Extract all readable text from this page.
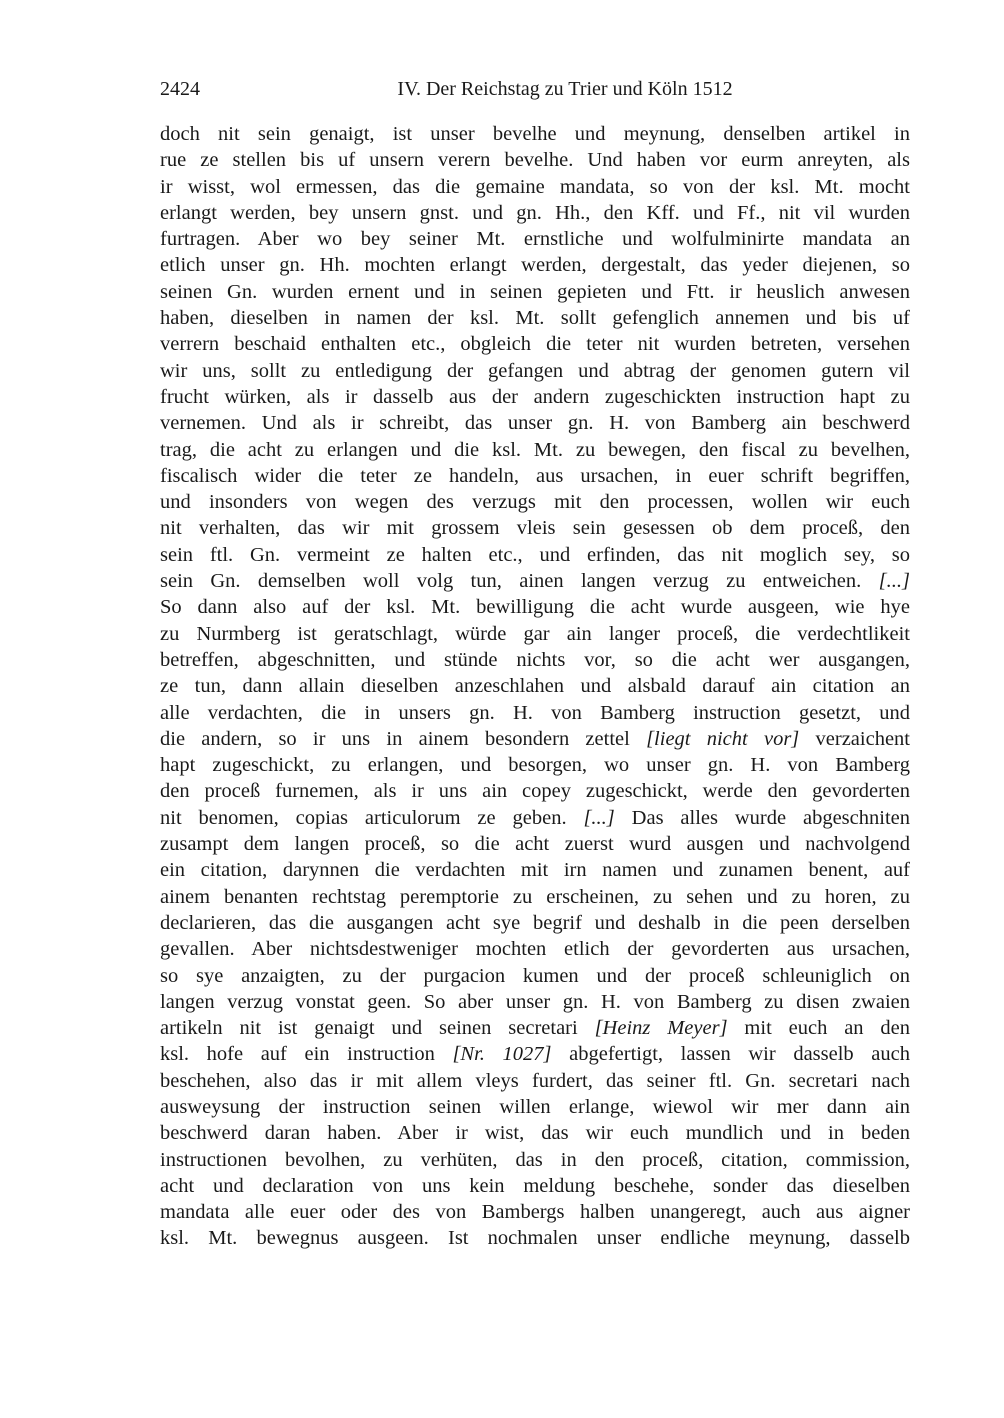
2424	IV. Der Reichstag zu Trier und Köln 1512
doch nit sein genaigt, ist unser bevelhe und meynung, denselben artikel in
rue ze stellen bis uf unsern verern bevelhe. Und haben vor eurm anreyten, als
ir wisst, wol ermessen, das die gemaine mandata, so von der ksl. Mt. mocht
erlangt werden, bey unsern gnst. und gn. Hh., den Kff. und Ff., nit vil wurden
furtragen. Aber wo bey seiner Mt. ernstliche und wolfulminirte mandata an
etlich unser gn. Hh. mochten erlangt werden, dergestalt, das yeder diejenen, so
seinen Gn. wurden ernent und in seinen gepieten und Ftt. ir heuslich anwesen
haben, dieselben in namen der ksl. Mt. sollt gefenglich annemen und bis uf
verrern beschaid enthalten etc., obgleich die teter nit wurden betreten, versehen
wir uns, sollt zu entledigung der gefangen und abtrag der genomen gutern vil
frucht würken, als ir dasselb aus der andern zugeschickten instruction hapt zu
vernemen. Und als ir schreibt, das unser gn. H. von Bamberg ain beschwerd
trag, die acht zu erlangen und die ksl. Mt. zu bewegen, den fiscal zu bevelhen,
fiscalisch wider die teter ze handeln, aus ursachen, in euer schrift begriffen,
und insonders von wegen des verzugs mit den processen, wollen wir euch
nit verhalten, das wir mit grossem vleis sein gesessen ob dem proceß, den
sein ftl. Gn. vermeint ze halten etc., und erfinden, das nit moglich sey, so
sein Gn. demselben woll volg tun, ainen langen verzug zu entweichen. [...]
So dann also auf der ksl. Mt. bewilligung die acht wurde ausgeen, wie hye
zu Nurmberg ist geratschlagt, würde gar ain langer proceß, die verdechtlikeit
betreffen, abgeschnitten, und stünde nichts vor, so die acht wer ausgangen,
ze tun, dann allain dieselben anzeschlahen und alsbald darauf ain citation an
alle verdachten, die in unsers gn. H. von Bamberg instruction gesetzt, und
die andern, so ir uns in ainem besondern zettel [liegt nicht vor] verzaichent
hapt zugeschickt, zu erlangen, und besorgen, wo unser gn. H. von Bamberg
den proceß furnemen, als ir uns ain copey zugeschickt, werde den gevorderten
nit benomen, copias articulorum ze geben. [...] Das alles wurde abgeschniten
zusampt dem langen proceß, so die acht zuerst wurd ausgen und nachvolgend
ein citation, darynnen die verdachten mit irn namen und zunamen benent, auf
ainem benanten rechtstag peremptorie zu erscheinen, zu sehen und zu horen, zu
declarieren, das die ausgangen acht sye begrif und deshalb in die peen derselben
gevallen. Aber nichtsdestweniger mochten etlich der gevorderten aus ursachen,
so sye anzaigten, zu der purgacion kumen und der proceß schleuniglich on
langen verzug vonstat geen. So aber unser gn. H. von Bamberg zu disen zwaien
artikeln nit ist genaigt und seinen secretari [Heinz Meyer] mit euch an den
ksl. hofe auf ein instruction [Nr. 1027] abgefertigt, lassen wir dasselb auch
beschehen, also das ir mit allem vleys furdert, das seiner ftl. Gn. secretari nach
ausweysung der instruction seinen willen erlange, wiewol wir mer dann ain
beschwerd daran haben. Aber ir wist, das wir euch mundlich und in beden
instructionen bevolhen, zu verhüten, das in den proceß, citation, commission,
acht und declaration von uns kein meldung beschehe, sonder das dieselben
mandata alle euer oder des von Bambergs halben unangeregt, auch aus aigner
ksl. Mt. bewegnus ausgeen. Ist nochmalen unser endliche meynung, dasselb
